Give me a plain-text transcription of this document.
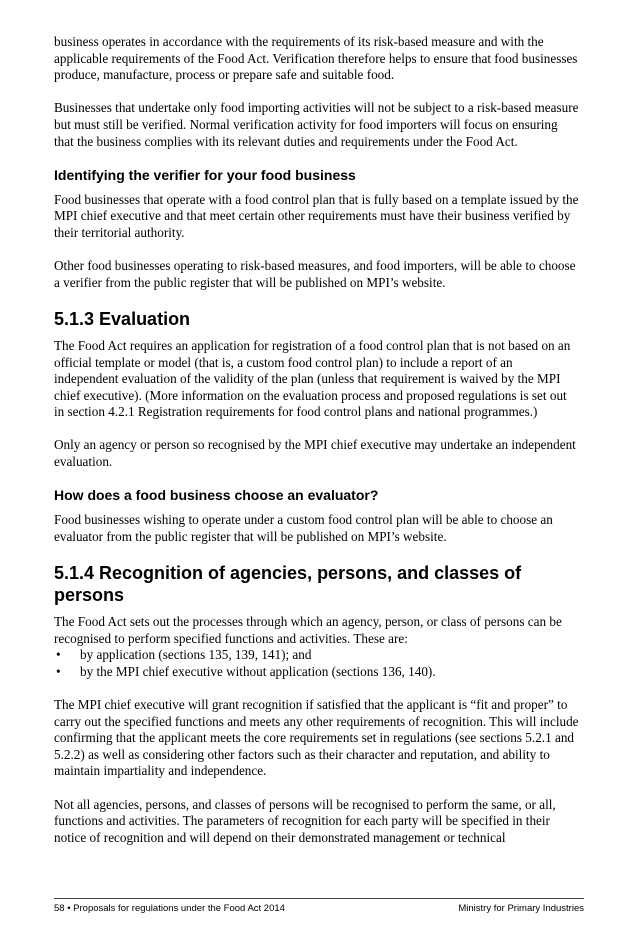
business operates in accordance with the requirements of its risk-based measure and with the applicable requirements of the Food Act. Verification therefore helps to ensure that food businesses produce, manufacture, process or prepare safe and suitable food.

Businesses that undertake only food importing activities will not be subject to a risk-based measure but must still be verified. Normal verification activity for food importers will focus on ensuring that the business complies with its relevant duties and requirements under the Food Act.

Identifying the verifier for your food business

Food businesses that operate with a food control plan that is fully based on a template issued by the MPI chief executive and that meet certain other requirements must have their business verified by their territorial authority.

Other food businesses operating to risk-based measures, and food importers, will be able to choose a verifier from the public register that will be published on MPI’s website.

5.1.3 Evaluation

The Food Act requires an application for registration of a food control plan that is not based on an official template or model (that is, a custom food control plan) to include a report of an independent evaluation of the validity of the plan (unless that requirement is waived by the MPI chief executive). (More information on the evaluation process and proposed regulations is set out in section 4.2.1 Registration requirements for food control plans and national programmes.)

Only an agency or person so recognised by the MPI chief executive may undertake an independent evaluation.

How does a food business choose an evaluator?

Food businesses wishing to operate under a custom food control plan will be able to choose an evaluator from the public register that will be published on MPI’s website.

5.1.4 Recognition of agencies, persons, and classes of persons

The Food Act sets out the processes through which an agency, person, or class of persons can be recognised to perform specified functions and activities. These are:

• by application (sections 135, 139, 141); and
• by the MPI chief executive without application (sections 136, 140).

The MPI chief executive will grant recognition if satisfied that the applicant is “fit and proper” to carry out the specified functions and meets any other requirements of recognition. This will include confirming that the applicant meets the core requirements set in regulations (see sections 5.2.1 and 5.2.2) as well as considering other factors such as their character and reputation, and ability to maintain impartiality and independence.

Not all agencies, persons, and classes of persons will be recognised to perform the same, or all, functions and activities. The parameters of recognition for each party will be specified in their notice of recognition and will depend on their demonstrated management or technical

58 • Proposals for regulations under the Food Act 2014	Ministry for Primary Industries
